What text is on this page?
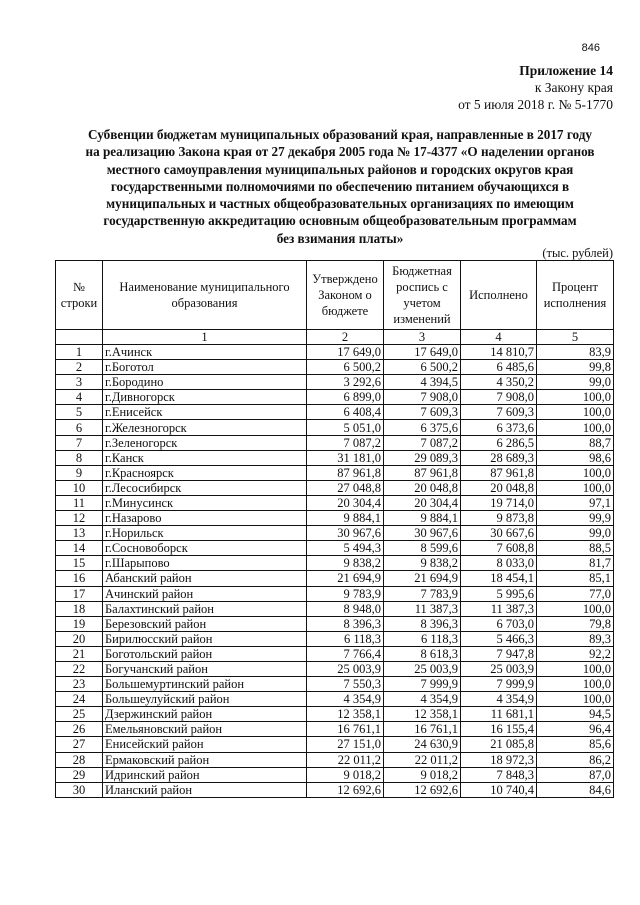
846
Приложение 14
к Закону края
от 5 июля 2018 г. № 5-1770
Субвенции бюджетам муниципальных образований края, направленные в 2017 году
на реализацию Закона края от 27 декабря 2005 года № 17-4377 «О наделении органов
местного самоуправления муниципальных районов и городских округов края
государственными полномочиями по обеспечению питанием обучающихся в
муниципальных и частных общеобразовательных организациях по имеющим
государственную аккредитацию основным общеобразовательным программам
без взимания платы»
(тыс. рублей)
№ строки	Наименование муниципального образования	Утверждено Законом о бюджете	Бюджетная роспись с учетом изменений	Исполнено	Процент исполнения
	1	2	3	4	5
1	г.Ачинск	17 649,0	17 649,0	14 810,7	83,9
2	г.Боготол	6 500,2	6 500,2	6 485,6	99,8
3	г.Бородино	3 292,6	4 394,5	4 350,2	99,0
4	г.Дивногорск	6 899,0	7 908,0	7 908,0	100,0
5	г.Енисейск	6 408,4	7 609,3	7 609,3	100,0
6	г.Железногорск	5 051,0	6 375,6	6 373,6	100,0
7	г.Зеленогорск	7 087,2	7 087,2	6 286,5	88,7
8	г.Канск	31 181,0	29 089,3	28 689,3	98,6
9	г.Красноярск	87 961,8	87 961,8	87 961,8	100,0
10	г.Лесосибирск	27 048,8	20 048,8	20 048,8	100,0
11	г.Минусинск	20 304,4	20 304,4	19 714,0	97,1
12	г.Назарово	9 884,1	9 884,1	9 873,8	99,9
13	г.Норильск	30 967,6	30 967,6	30 667,6	99,0
14	г.Сосновоборск	5 494,3	8 599,6	7 608,8	88,5
15	г.Шарыпово	9 838,2	9 838,2	8 033,0	81,7
16	Абанский район	21 694,9	21 694,9	18 454,1	85,1
17	Ачинский район	9 783,9	7 783,9	5 995,6	77,0
18	Балахтинский район	8 948,0	11 387,3	11 387,3	100,0
19	Березовский район	8 396,3	8 396,3	6 703,0	79,8
20	Бирилюсский район	6 118,3	6 118,3	5 466,3	89,3
21	Боготольский район	7 766,4	8 618,3	7 947,8	92,2
22	Богучанский район	25 003,9	25 003,9	25 003,9	100,0
23	Большемуртинский район	7 550,3	7 999,9	7 999,9	100,0
24	Большеулуйский район	4 354,9	4 354,9	4 354,9	100,0
25	Дзержинский район	12 358,1	12 358,1	11 681,1	94,5
26	Емельяновский район	16 761,1	16 761,1	16 155,4	96,4
27	Енисейский район	27 151,0	24 630,9	21 085,8	85,6
28	Ермаковский район	22 011,2	22 011,2	18 972,3	86,2
29	Идринский район	9 018,2	9 018,2	7 848,3	87,0
30	Иланский район	12 692,6	12 692,6	10 740,4	84,6
